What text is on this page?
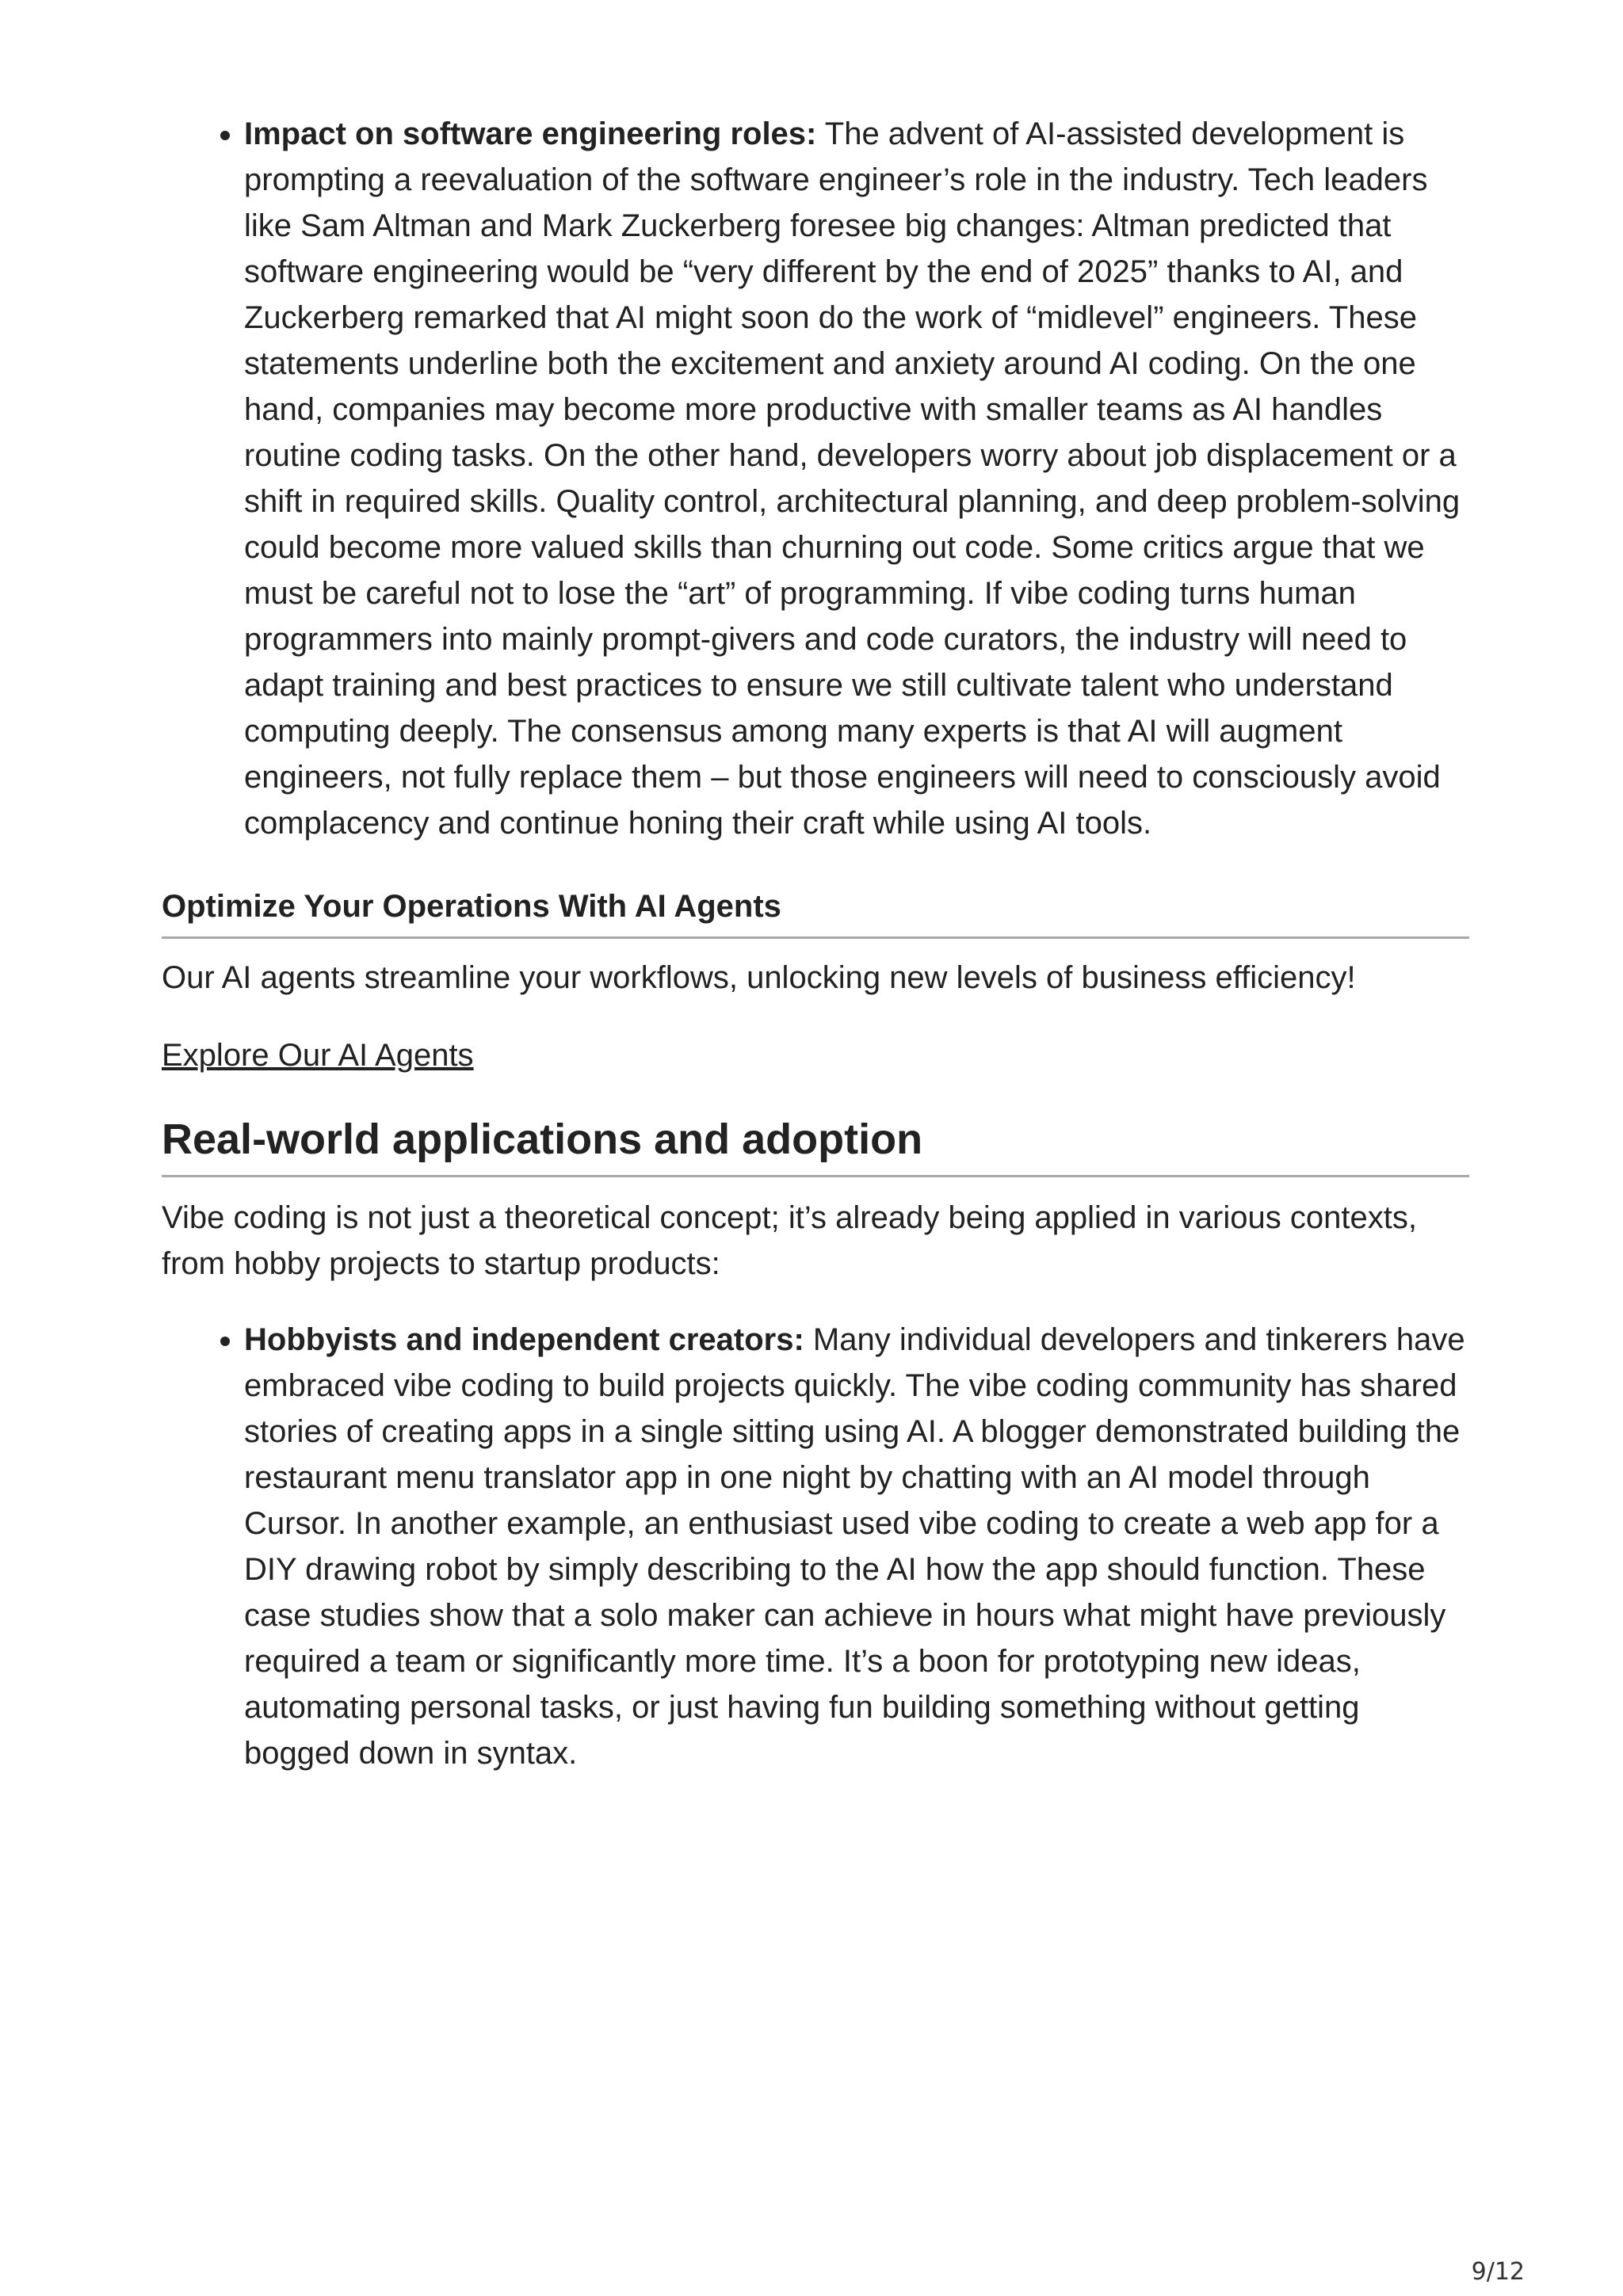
• Impact on software engineering roles: The advent of AI-assisted development is prompting a reevaluation of the software engineer’s role in the industry. Tech leaders like Sam Altman and Mark Zuckerberg foresee big changes: Altman predicted that software engineering would be “very different by the end of 2025” thanks to AI, and Zuckerberg remarked that AI might soon do the work of “midlevel” engineers. These statements underline both the excitement and anxiety around AI coding. On the one hand, companies may become more productive with smaller teams as AI handles routine coding tasks. On the other hand, developers worry about job displacement or a shift in required skills. Quality control, architectural planning, and deep problem-solving could become more valued skills than churning out code. Some critics argue that we must be careful not to lose the “art” of programming. If vibe coding turns human programmers into mainly prompt-givers and code curators, the industry will need to adapt training and best practices to ensure we still cultivate talent who understand computing deeply. The consensus among many experts is that AI will augment engineers, not fully replace them – but those engineers will need to consciously avoid complacency and continue honing their craft while using AI tools.
Optimize Your Operations With AI Agents

Our AI agents streamline your workflows, unlocking new levels of business efficiency!

Explore Our AI Agents
Real-world applications and adoption

Vibe coding is not just a theoretical concept; it’s already being applied in various contexts, from hobby projects to startup products:

• Hobbyists and independent creators: Many individual developers and tinkerers have embraced vibe coding to build projects quickly. The vibe coding community has shared stories of creating apps in a single sitting using AI. A blogger demonstrated building the restaurant menu translator app in one night by chatting with an AI model through Cursor. In another example, an enthusiast used vibe coding to create a web app for a DIY drawing robot by simply describing to the AI how the app should function. These case studies show that a solo maker can achieve in hours what might have previously required a team or significantly more time. It’s a boon for prototyping new ideas, automating personal tasks, or just having fun building something without getting bogged down in syntax.
9/12
